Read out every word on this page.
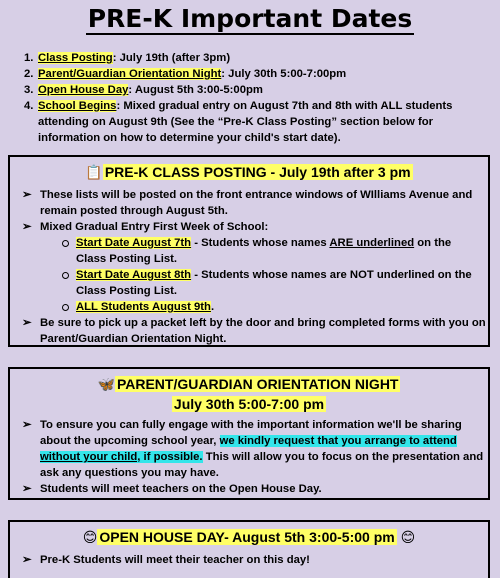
PRE-K Important Dates
1. Class Posting: July 19th (after 3pm)
2. Parent/Guardian Orientation Night: July 30th 5:00-7:00pm
3. Open House Day: August 5th 3:00-5:00pm
4. School Begins: Mixed gradual entry on August 7th and 8th with ALL students attending on August 9th (See the “Pre-K Class Posting” section below for information on how to determine your child's start date).
📋 PRE-K CLASS POSTING - July 19th after 3 pm
➢ These lists will be posted on the front entrance windows of WIlliams Avenue and remain posted through August 5th.
➢ Mixed Gradual Entry First Week of School:
Start Date August 7th - Students whose names ARE underlined on the Class Posting List.
Start Date August 8th - Students whose names are NOT underlined on the Class Posting List.
ALL Students August 9th.
➢ Be sure to pick up a packet left by the door and bring completed forms with you on Parent/Guardian Orientation Night.
🦋 PARENT/GUARDIAN ORIENTATION NIGHT
July 30th 5:00-7:00 pm
➢ To ensure you can fully engage with the important information we'll be sharing about the upcoming school year, we kindly request that you arrange to attend without your child, if possible. This will allow you to focus on the presentation and ask any questions you may have.
➢ Students will meet teachers on the Open House Day.
😊 OPEN HOUSE DAY- August 5th 3:00-5:00 pm 😊
➢ Pre-K Students will meet their teacher on this day!
